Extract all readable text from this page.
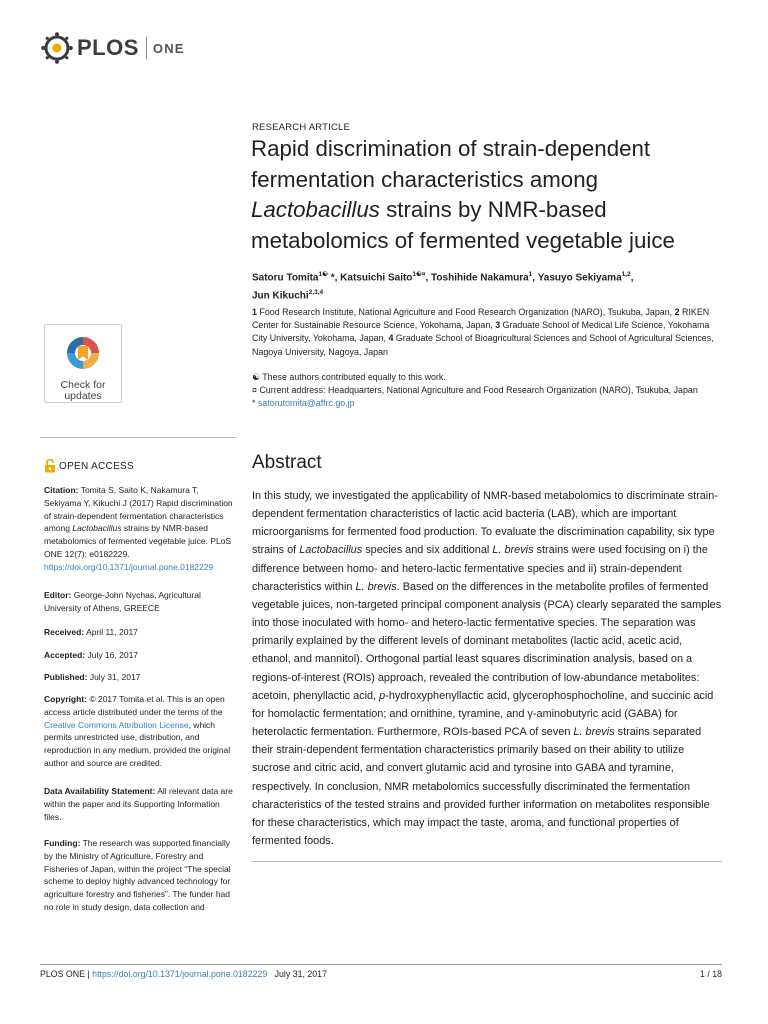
PLOS ONE
Check for
updates
OPEN ACCESS
Citation: Tomita S, Saito K, Nakamura T, Sekiyama Y, Kikuchi J (2017) Rapid discrimination of strain-dependent fermentation characteristics among Lactobacillus strains by NMR-based metabolomics of fermented vegetable juice. PLoS ONE 12(7): e0182229. https://doi.org/10.1371/journal.pone.0182229
Editor: George-John Nychas, Agricultural University of Athens, GREECE
Received: April 11, 2017
Accepted: July 16, 2017
Published: July 31, 2017
Copyright: © 2017 Tomita et al. This is an open access article distributed under the terms of the Creative Commons Attribution License, which permits unrestricted use, distribution, and reproduction in any medium, provided the original author and source are credited.
Data Availability Statement: All relevant data are within the paper and its Supporting Information files.
Funding: The research was supported financially by the Ministry of Agriculture, Forestry and Fisheries of Japan, within the project “The special scheme to deploy highly advanced technology for agriculture forestry and fisheries”. The funder had no role in study design, data collection and
RESEARCH ARTICLE
Rapid discrimination of strain-dependent
fermentation characteristics among
Lactobacillus strains by NMR-based
metabolomics of fermented vegetable juice
Satoru Tomita$^{1☯}$ *, Katsuichi Saito$^{1☯¤}$, Toshihide Nakamura$^1$, Yasuyo Sekiyama$^{1,2}$,
Jun Kikuchi$^{2,3,4}$
1 Food Research Institute, National Agriculture and Food Research Organization (NARO), Tsukuba, Japan, 2 RIKEN Center for Sustainable Resource Science, Yokohama, Japan, 3 Graduate School of Medical Life Science, Yokohama City University, Yokohama, Japan, 4 Graduate School of Bioagricultural Sciences and School of Agricultural Sciences, Nagoya University, Nagoya, Japan
☯ These authors contributed equally to this work.
¤ Current address: Headquarters, National Agriculture and Food Research Organization (NARO), Tsukuba, Japan
* satorutomita@affrc.go.jp
Abstract
In this study, we investigated the applicability of NMR-based metabolomics to discriminate strain-dependent fermentation characteristics of lactic acid bacteria (LAB), which are important microorganisms for fermented food production. To evaluate the discrimination capability, six type strains of Lactobacillus species and six additional L. brevis strains were used focusing on i) the difference between homo- and hetero-lactic fermentative species and ii) strain-dependent characteristics within L. brevis. Based on the differences in the metabolite profiles of fermented vegetable juices, non-targeted principal component analysis (PCA) clearly separated the samples into those inoculated with homo- and hetero-lactic fermentative species. The separation was primarily explained by the different levels of dominant metabolites (lactic acid, acetic acid, ethanol, and mannitol). Orthogonal partial least squares discrimination analysis, based on a regions-of-interest (ROIs) approach, revealed the contribution of low-abundance metabolites: acetoin, phenyllactic acid, p-hydroxyphenyllactic acid, glycerophosphocholine, and succinic acid for homolactic fermentation; and ornithine, tyramine, and γ-aminobutyric acid (GABA) for heterolactic fermentation. Furthermore, ROIs-based PCA of seven L. brevis strains separated their strain-dependent fermentation characteristics primarily based on their ability to utilize sucrose and citric acid, and convert glutamic acid and tyrosine into GABA and tyramine, respectively. In conclusion, NMR metabolomics successfully discriminated the fermentation characteristics of the tested strains and provided further information on metabolites responsible for these characteristics, which may impact the taste, aroma, and functional properties of fermented foods.
PLOS ONE | https://doi.org/10.1371/journal.pone.0182229 July 31, 2017	1 / 18
